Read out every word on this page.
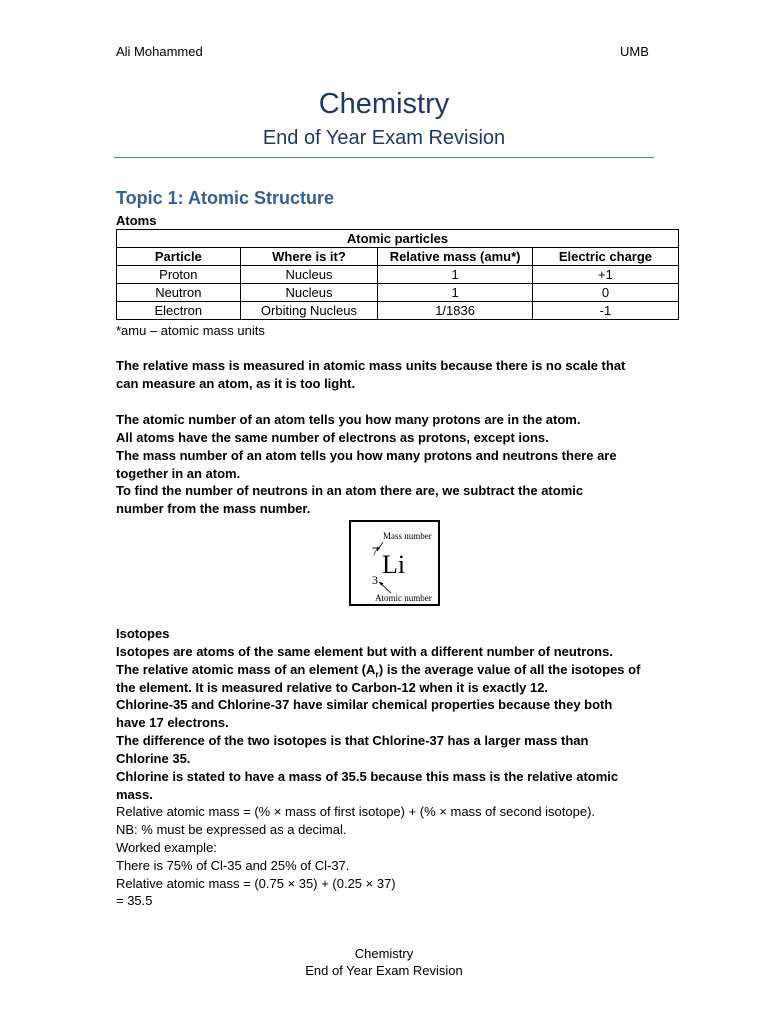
Ali Mohammed	UMB
Chemistry
End of Year Exam Revision
Topic 1: Atomic Structure
Atoms
Atomic particles			
Particle	Where is it?	Relative mass (amu*)	Electric charge
Proton	Nucleus	1	+1
Neutron	Nucleus	1	0
Electron	Orbiting Nucleus	1/1836	-1
*amu – atomic mass units
The relative mass is measured in atomic mass units because there is no scale that
can measure an atom, as it is too light.
The atomic number of an atom tells you how many protons are in the atom.
All atoms have the same number of electrons as protons, except ions.
The mass number of an atom tells you how many protons and neutrons there are
together in an atom.
To find the number of neutrons in an atom there are, we subtract the atomic
number from the mass number.
Mass number
7 Li
3
Atomic number
Isotopes
Isotopes are atoms of the same element but with a different number of neutrons.
The relative atomic mass of an element $(A_r)$ is the average value of all the isotopes of
the element. It is measured relative to Carbon-12 when it is exactly 12.
Chlorine-35 and Chlorine-37 have similar chemical properties because they both
have 17 electrons.
The difference of the two isotopes is that Chlorine-37 has a larger mass than
Chlorine 35.
Chlorine is stated to have a mass of 35.5 because this mass is the relative atomic
mass.
Relative atomic mass = (% × mass of first isotope) + (% × mass of second isotope).
NB: % must be expressed as a decimal.
Worked example:
There is 75% of Cl-35 and 25% of Cl-37.
Relative atomic mass = (0.75 × 35) + (0.25 × 37)
= 35.5
Chemistry
End of Year Exam Revision
